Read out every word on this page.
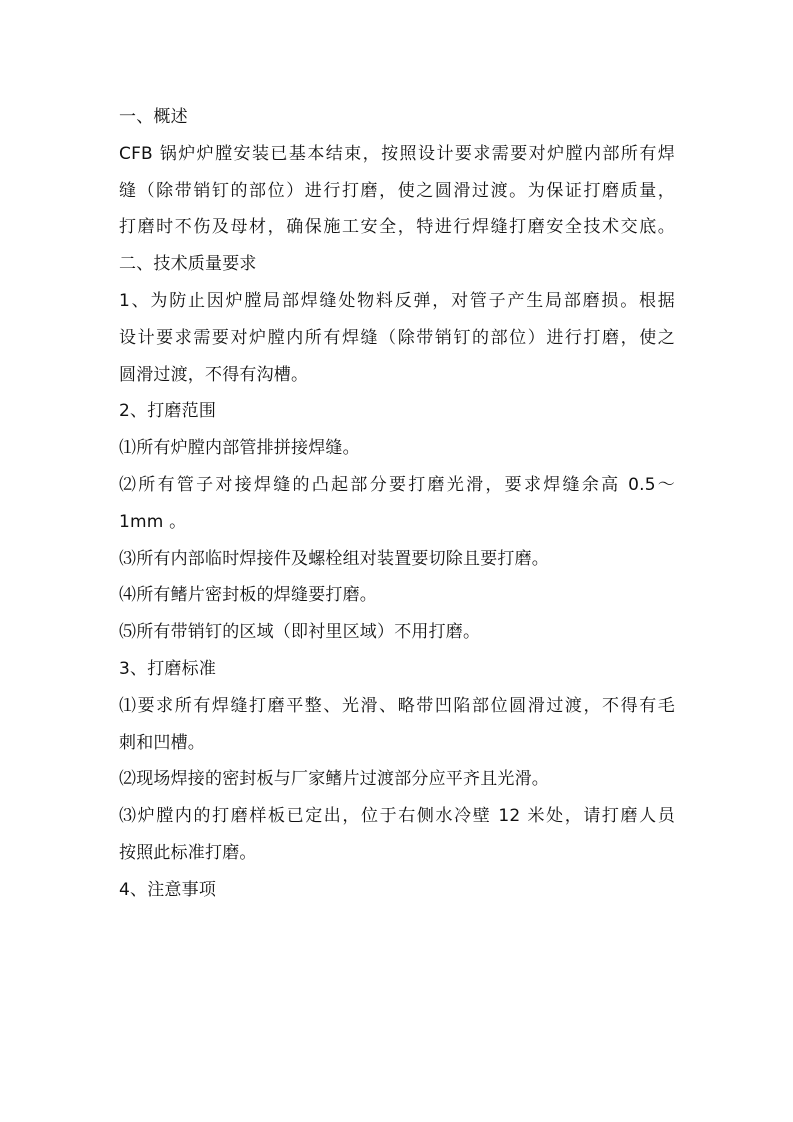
一、概述
CFB 锅炉炉膛安装已基本结束，按照设计要求需要对炉膛内部所有焊
缝（除带销钉的部位）进行打磨，使之圆滑过渡。为保证打磨质量，
打磨时不伤及母材，确保施工安全，特进行焊缝打磨安全技术交底。
二、技术质量要求
1、为防止因炉膛局部焊缝处物料反弹，对管子产生局部磨损。根据
设计要求需要对炉膛内所有焊缝（除带销钉的部位）进行打磨，使之
圆滑过渡，不得有沟槽。
2、打磨范围
⑴所有炉膛内部管排拼接焊缝。
⑵所有管子对接焊缝的凸起部分要打磨光滑，要求焊缝余高 0.5～
1mm 。
⑶所有内部临时焊接件及螺栓组对装置要切除且要打磨。
⑷所有鳍片密封板的焊缝要打磨。
⑸所有带销钉的区域（即衬里区域）不用打磨。
3、打磨标准
⑴要求所有焊缝打磨平整、光滑、略带凹陷部位圆滑过渡，不得有毛
刺和凹槽。
⑵现场焊接的密封板与厂家鳍片过渡部分应平齐且光滑。
⑶炉膛内的打磨样板已定出，位于右侧水冷壁 12 米处，请打磨人员
按照此标准打磨。
4、注意事项
